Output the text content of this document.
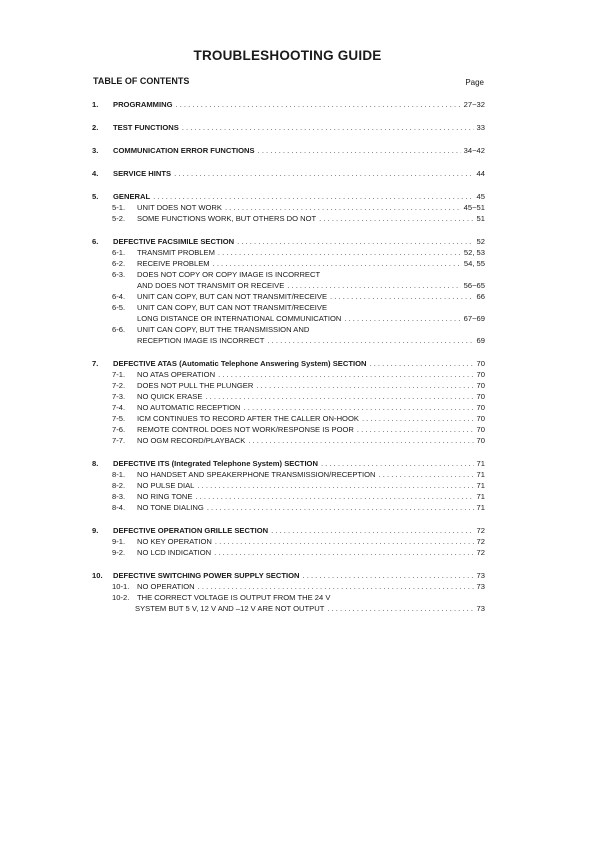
TROUBLESHOOTING GUIDE
TABLE OF CONTENTS	Page
1. PROGRAMMING . . .	27~32
2. TEST FUNCTIONS . . .	33
3. COMMUNICATION ERROR FUNCTIONS . . .	34~42
4. SERVICE HINTS . . .	44
5. GENERAL . . .	45
5-1. UNIT DOES NOT WORK . . .	45~51
5-2. SOME FUNCTIONS WORK, BUT OTHERS DO NOT . . .	51
6. DEFECTIVE FACSIMILE SECTION . . .	52
6-1. TRANSMIT PROBLEM . . .	52, 53
6-2. RECEIVE PROBLEM . . .	54, 55
6-3. DOES NOT COPY OR COPY IMAGE IS INCORRECT
AND DOES NOT TRANSMIT OR RECEIVE . . .	56~65
6-4. UNIT CAN COPY, BUT CAN NOT TRANSMIT/RECEIVE . . .	66
6-5. UNIT CAN COPY, BUT CAN NOT TRANSMIT/RECEIVE
LONG DISTANCE OR INTERNATIONAL COMMUNICATION . . .	67~69
6-6. UNIT CAN COPY, BUT THE TRANSMISSION AND
RECEPTION IMAGE IS INCORRECT . . .	69
7. DEFECTIVE ATAS (Automatic Telephone Answering System) SECTION . . .	70
7-1. NO ATAS OPERATION . . .	70
7-2. DOES NOT PULL THE PLUNGER . . .	70
7-3. NO QUICK ERASE . . .	70
7-4. NO AUTOMATIC RECEPTION . . .	70
7-5. ICM CONTINUES TO RECORD AFTER THE CALLER ON-HOOK . . .	70
7-6. REMOTE CONTROL DOES NOT WORK/RESPONSE IS POOR . . .	70
7-7. NO OGM RECORD/PLAYBACK . . .	70
8. DEFECTIVE ITS (Integrated Telephone System) SECTION . . .	71
8-1. NO HANDSET AND SPEAKERPHONE TRANSMISSION/RECEPTION . . .	71
8-2. NO PULSE DIAL . . .	71
8-3. NO RING TONE . . .	71
8-4. NO TONE DIALING . . .	71
9. DEFECTIVE OPERATION GRILLE SECTION . . .	72
9-1. NO KEY OPERATION . . .	72
9-2. NO LCD INDICATION . . .	72
10. DEFECTIVE SWITCHING POWER SUPPLY SECTION . . .	73
10-1. NO OPERATION . . .	73
10-2. THE CORRECT VOLTAGE IS OUTPUT FROM THE 24 V
SYSTEM BUT 5 V, 12 V AND –12 V ARE NOT OUTPUT . . .	73
